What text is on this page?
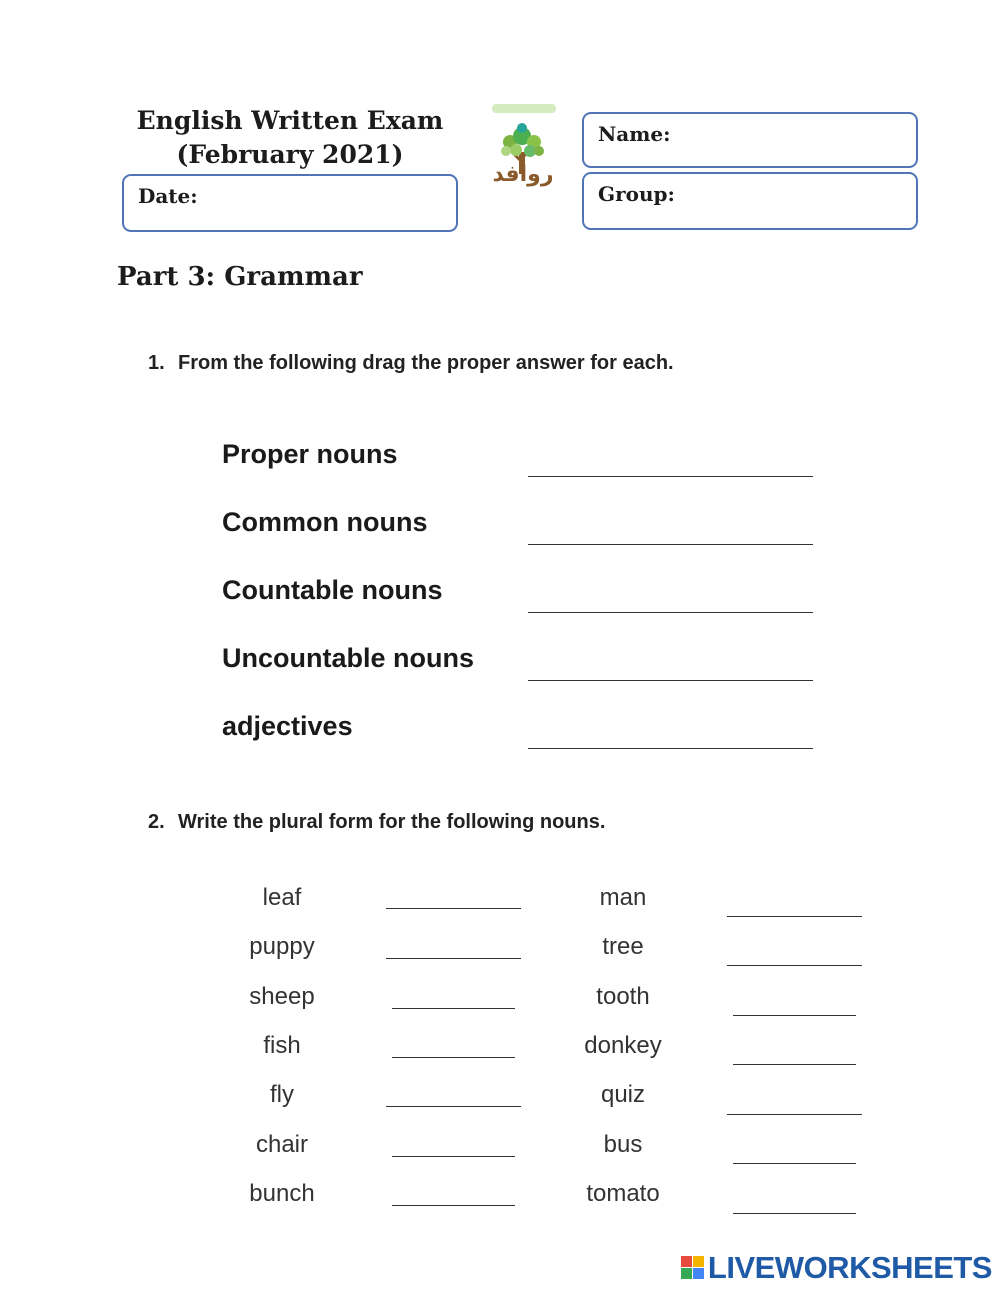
English Written Exam
(February 2021)
Date:
Name:
Group:
روافد
Part 3: Grammar
1. From the following drag the proper answer for each.
Proper nouns
Common nouns
Countable nouns
Uncountable nouns
adjectives
2. Write the plural form for the following nouns.
leaf
puppy
sheep
fish
fly
chair
bunch
man
tree
tooth
donkey
quiz
bus
tomato
LIVEWORKSHEETS
